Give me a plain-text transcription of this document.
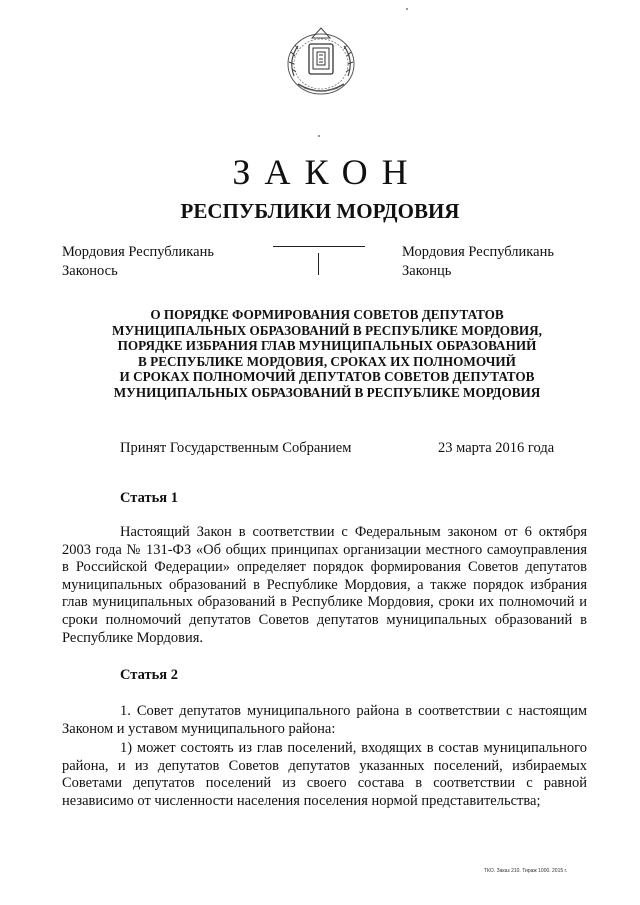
ЗАКОН
РЕСПУБЛИКИ МОРДОВИЯ
Мордовия Республикань
Законось
Мордовия Республикань
Законць
О ПОРЯДКЕ ФОРМИРОВАНИЯ СОВЕТОВ ДЕПУТАТОВ
МУНИЦИПАЛЬНЫХ ОБРАЗОВАНИЙ В РЕСПУБЛИКЕ МОРДОВИЯ,
ПОРЯДКЕ ИЗБРАНИЯ ГЛАВ МУНИЦИПАЛЬНЫХ ОБРАЗОВАНИЙ
В РЕСПУБЛИКЕ МОРДОВИЯ, СРОКАХ ИХ ПОЛНОМОЧИЙ
И СРОКАХ ПОЛНОМОЧИЙ ДЕПУТАТОВ СОВЕТОВ ДЕПУТАТОВ
МУНИЦИПАЛЬНЫХ ОБРАЗОВАНИЙ В РЕСПУБЛИКЕ МОРДОВИЯ
Принят Государственным Собранием	23 марта 2016 года
Статья 1
Настоящий Закон в соответствии с Федеральным законом от 6 октября 2003 года № 131-ФЗ «Об общих принципах организации местного самоуправления в Российской Федерации» определяет порядок формирования Советов депутатов муниципальных образований в Республике Мордовия, а также порядок избрания глав муниципальных образований в Республике Мордовия, сроки их полномочий и сроки полномочий депутатов Советов депутатов муниципальных образований в Республике Мордовия.
Статья 2
1. Совет депутатов муниципального района в соответствии с настоящим Законом и уставом муниципального района:
1) может состоять из глав поселений, входящих в состав муниципального района, и из депутатов Советов депутатов указанных поселений, избираемых Советами депутатов поселений из своего состава в соответствии с равной независимо от численности населения поселения нормой представительства;
ТКО. Заказ 210. Тираж 1000. 2015 г.
